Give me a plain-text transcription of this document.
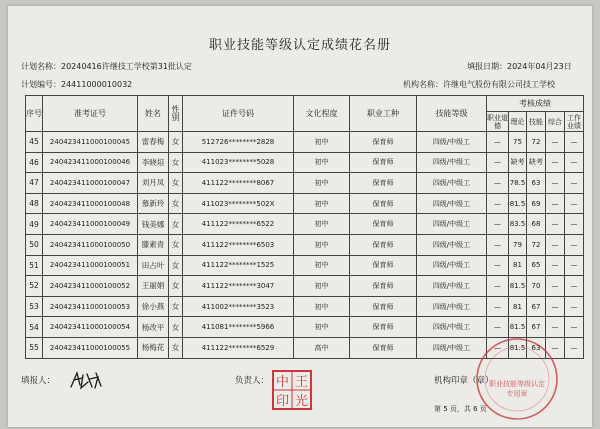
职业技能等级认定成绩花名册
计划名称：20240416许继技工学校第31批认定	填报日期：2024年04月23日
计划编号：24411000010032	机构名称：许继电气股份有限公司技工学校
序号	准考证号	姓名	性别	证件号码	文化程度	职业工种	技能等级	考核成绩				
								职业道德	理论	技能	综合	工作业绩
45	240423411000100045	雷春梅	女	512726********2828	初中	保育师	四级/中级工	—	75	72	—	—
46	240423411000100046	李晓培	女	411023********5028	初中	保育师	四级/中级工	—	缺考	缺考	—	—
47	240423411000100047	刘月凤	女	411122********8067	初中	保育师	四级/中级工	—	78.5	63	—	—
48	240423411000100048	慕新玲	女	411023********502X	初中	保育师	四级/中级工	—	81.5	69	—	—
49	240423411000100049	钱美娜	女	411122********6522	初中	保育师	四级/中级工	—	83.5	68	—	—
50	240423411000100050	滕素青	女	411122********6503	初中	保育师	四级/中级工	—	79	72	—	—
51	240423411000100051	田占叶	女	411122********1525	初中	保育师	四级/中级工	—	81	65	—	—
52	240423411000100052	王丽娟	女	411122********3047	初中	保育师	四级/中级工	—	81.5	70	—	—
53	240423411000100053	徐小燕	女	411002********3523	初中	保育师	四级/中级工	—	81	67	—	—
54	240423411000100054	杨改平	女	411081********5966	初中	保育师	四级/中级工	—	81.5	67	—	—
55	240423411000100055	杨梅花	女	411122********6529	高中	保育师	四级/中级工	—	81.5	63	—	—
填报人：	负责人： 中 王
印 光
机构印章（章）
职业技能等级认定
专用章
第 5 页，共 6 页
